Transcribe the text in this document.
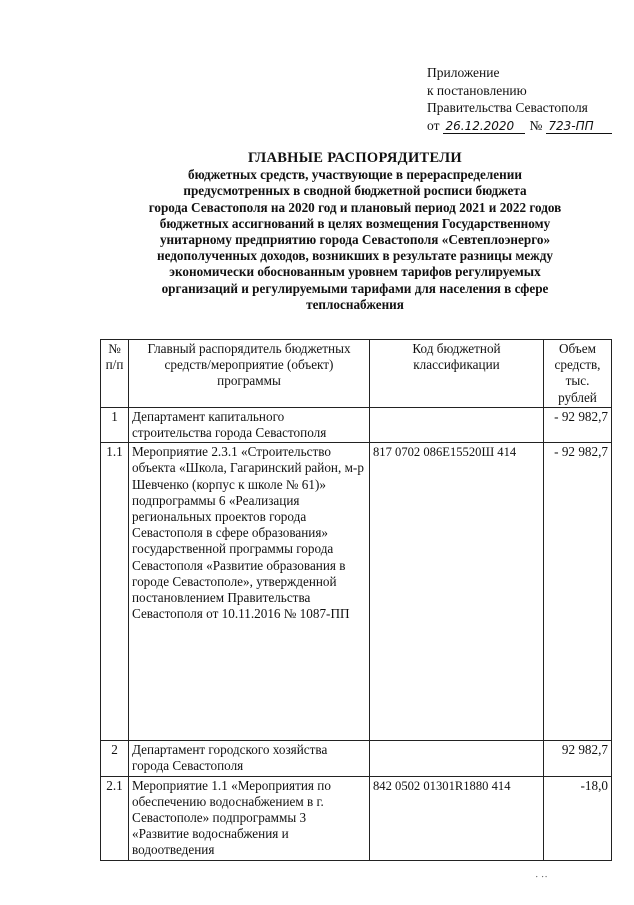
Приложение
к постановлению
Правительства Севастополя
от 26.12.2020	№ 723-ПП
ГЛАВНЫЕ РАСПОРЯДИТЕЛИ
бюджетных средств, участвующие в перераспределении
предусмотренных в сводной бюджетной росписи бюджета
города Севастополя на 2020 год и плановый период 2021 и 2022 годов
бюджетных ассигнований в целях возмещения Государственному
унитарному предприятию города Севастополя «Севтеплоэнерго»
недополученных доходов, возникших в результате разницы между
экономически обоснованным уровнем тарифов регулируемых
организаций и регулируемыми тарифами для населения в сфере
теплоснабжения
№ п/п	Главный распорядитель бюджетных средств/мероприятие (объект) программы	Код бюджетной классификации	Объем средств, тыс. рублей
1	Департамент капитального строительства города Севастополя		- 92 982,7
1.1	Мероприятие 2.3.1 «Строительство объекта «Школа, Гагаринский район, м-р Шевченко (корпус к школе № 61)» подпрограммы 6 «Реализация региональных проектов города Севастополя в сфере образования» государственной программы города Севастополя «Развитие образования в городе Севастополе», утвержденной постановлением Правительства Севастополя от 10.11.2016 № 1087-ПП	817 0702 086Е15520Ш 414	- 92 982,7
2	Департамент городского хозяйства города Севастополя		92 982,7
2.1	Мероприятие 1.1 «Мероприятия по обеспечению водоснабжением в г. Севастополе» подпрограммы 3 «Развитие водоснабжения и водоотведения	842 0502 01301R1880 414	-18,0
⋅ ⋅⋅
